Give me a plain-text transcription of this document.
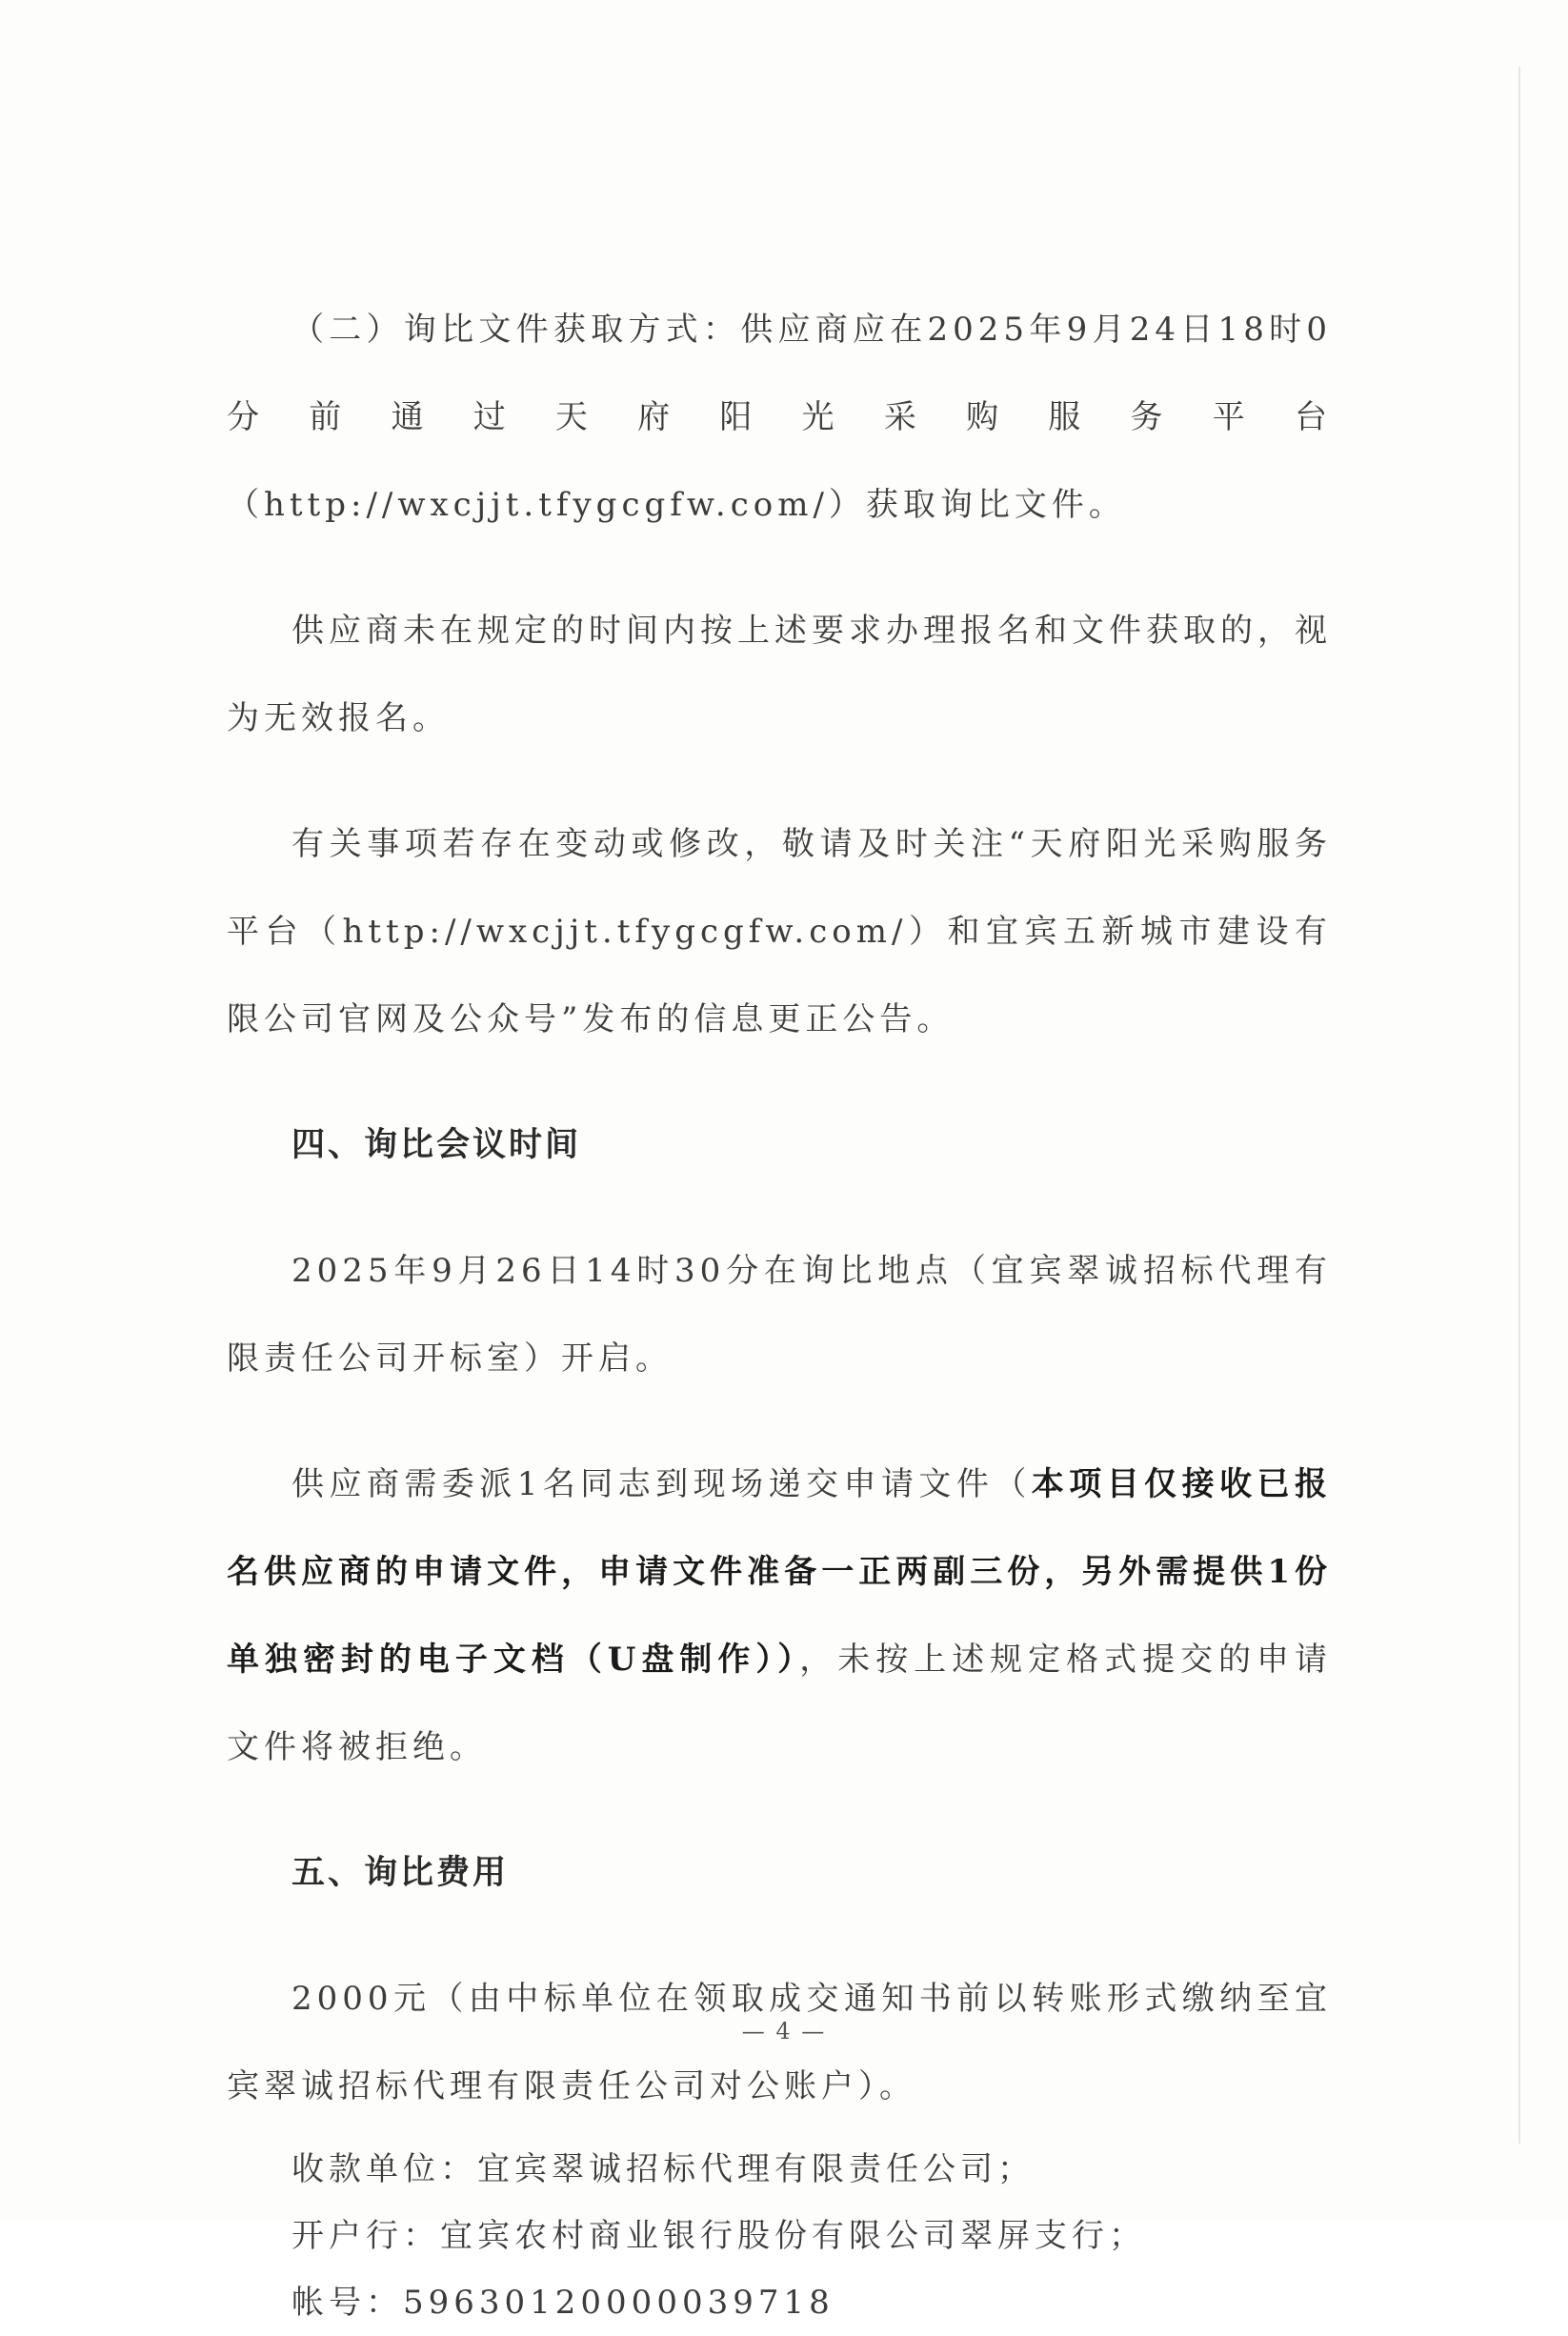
（二）询比文件获取方式：供应商应在2025年9月24日18时0分前通过天府阳光采购服务平台（http://wxcjjt.tfygcgfw.com/）获取询比文件。

供应商未在规定的时间内按上述要求办理报名和文件获取的，视为无效报名。

有关事项若存在变动或修改，敬请及时关注“天府阳光采购服务平台（http://wxcjjt.tfygcgfw.com/）和宜宾五新城市建设有限公司官网及公众号”发布的信息更正公告。

四、询比会议时间

2025年9月26日14时30分在询比地点（宜宾翠诚招标代理有限责任公司开标室）开启。

供应商需委派1名同志到现场递交申请文件（本项目仅接收已报名供应商的申请文件，申请文件准备一正两副三份，另外需提供1份单独密封的电子文档（U盘制作）），未按上述规定格式提交的申请文件将被拒绝。

五、询比费用

2000元（由中标单位在领取成交通知书前以转账形式缴纳至宜宾翠诚招标代理有限责任公司对公账户）。

收款单位：宜宾翠诚招标代理有限责任公司；

开户行：宜宾农村商业银行股份有限公司翠屏支行；

帐号：59630120000039718

— 4 —
